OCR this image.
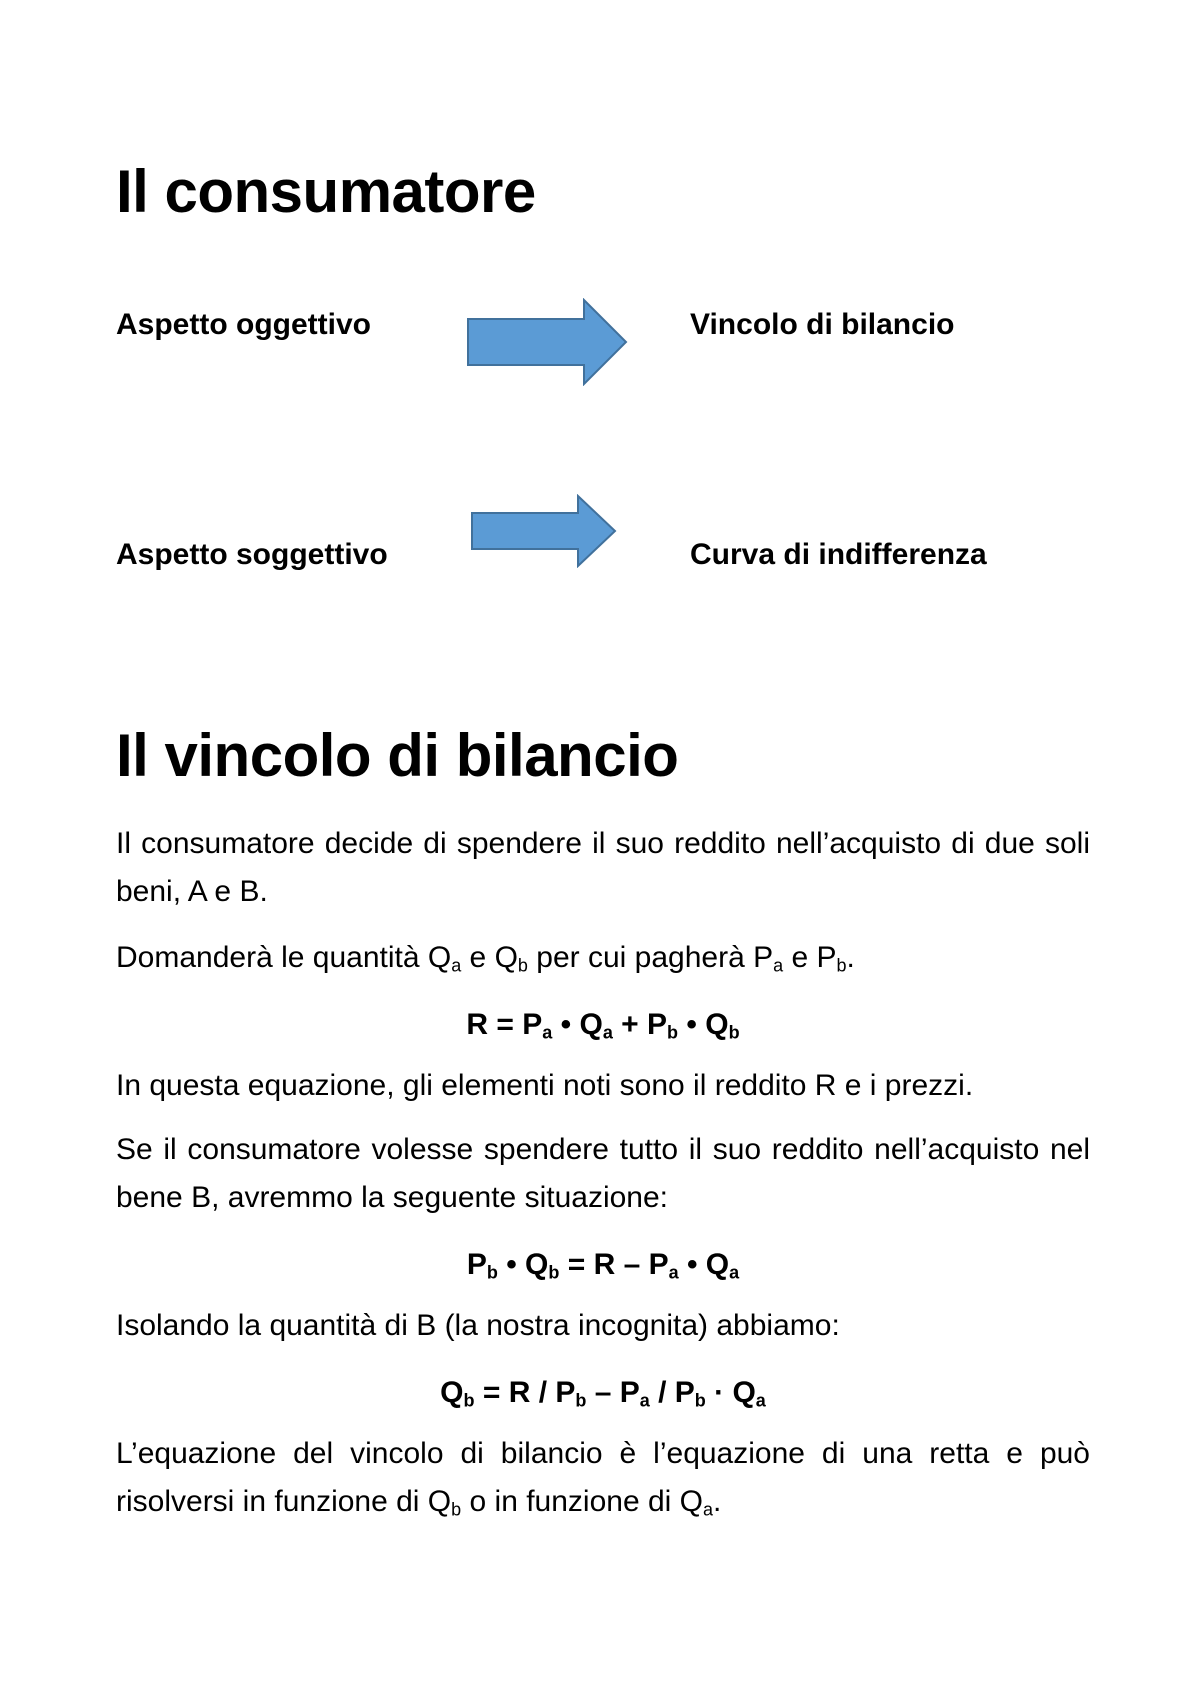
Il consumatore
Aspetto oggettivo	Vincolo di bilancio
Aspetto soggettivo	Curva di indifferenza
Il vincolo di bilancio

Il consumatore decide di spendere il suo reddito nell’acquisto di due soli beni, A e B.

Domanderà le quantità $Q_a$ e $Q_b$ per cui pagherà $P_a$ e $P_b$.

$R = P_a$ • $Q_a + P_b$ • $Q_b$

In questa equazione, gli elementi noti sono il reddito R e i prezzi.

Se il consumatore volesse spendere tutto il suo reddito nell’acquisto nel bene B, avremmo la seguente situazione:

$P_b$ • $Q_b = R - P_a$ • $Q_a$

Isolando la quantità di B (la nostra incognita) abbiamo:

$Q_b = R / P_b - P_a / P_b \cdot Q_a$

L’equazione del vincolo di bilancio è l’equazione di una retta e può risolversi in funzione di $Q_b$ o in funzione di $Q_a$.
